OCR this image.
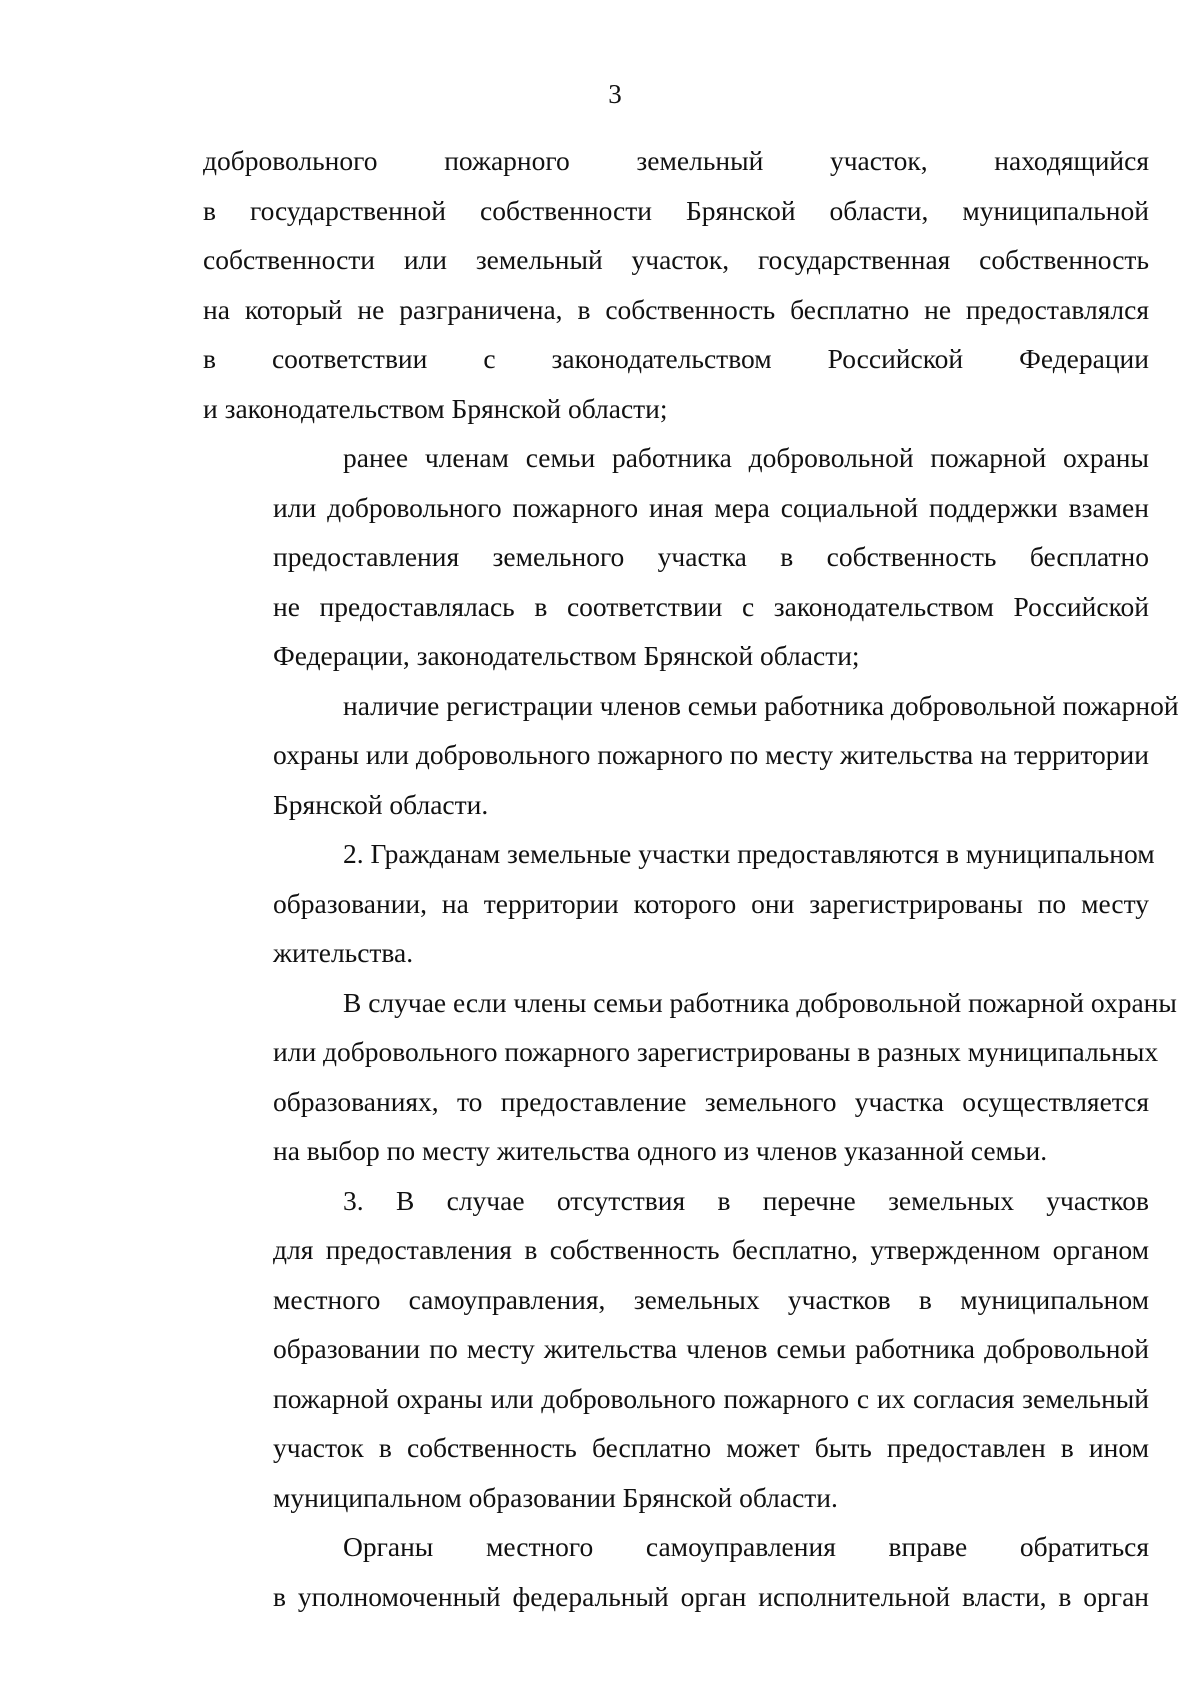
3
добровольного пожарного земельный участок, находящийся
в государственной собственности Брянской области, муниципальной
собственности или земельный участок, государственная собственность
на который не разграничена, в собственность бесплатно не предоставлялся
в соответствии с законодательством Российской Федерации
и законодательством Брянской области;
ранее членам семьи работника добровольной пожарной охраны
или добровольного пожарного иная мера социальной поддержки взамен
предоставления земельного участка в собственность бесплатно
не предоставлялась в соответствии с законодательством Российской
Федерации, законодательством Брянской области;
наличие регистрации членов семьи работника добровольной пожарной
охраны или добровольного пожарного по месту жительства на территории
Брянской области.
2. Гражданам земельные участки предоставляются в муниципальном
образовании, на территории которого они зарегистрированы по месту
жительства.
В случае если члены семьи работника добровольной пожарной охраны
или добровольного пожарного зарегистрированы в разных муниципальных
образованиях, то предоставление земельного участка осуществляется
на выбор по месту жительства одного из членов указанной семьи.
3. В случае отсутствия в перечне земельных участков
для предоставления в собственность бесплатно, утвержденном органом
местного самоуправления, земельных участков в муниципальном
образовании по месту жительства членов семьи работника добровольной
пожарной охраны или добровольного пожарного с их согласия земельный
участок в собственность бесплатно может быть предоставлен в ином
муниципальном образовании Брянской области.
Органы местного самоуправления вправе обратиться
в уполномоченный федеральный орган исполнительной власти, в орган
